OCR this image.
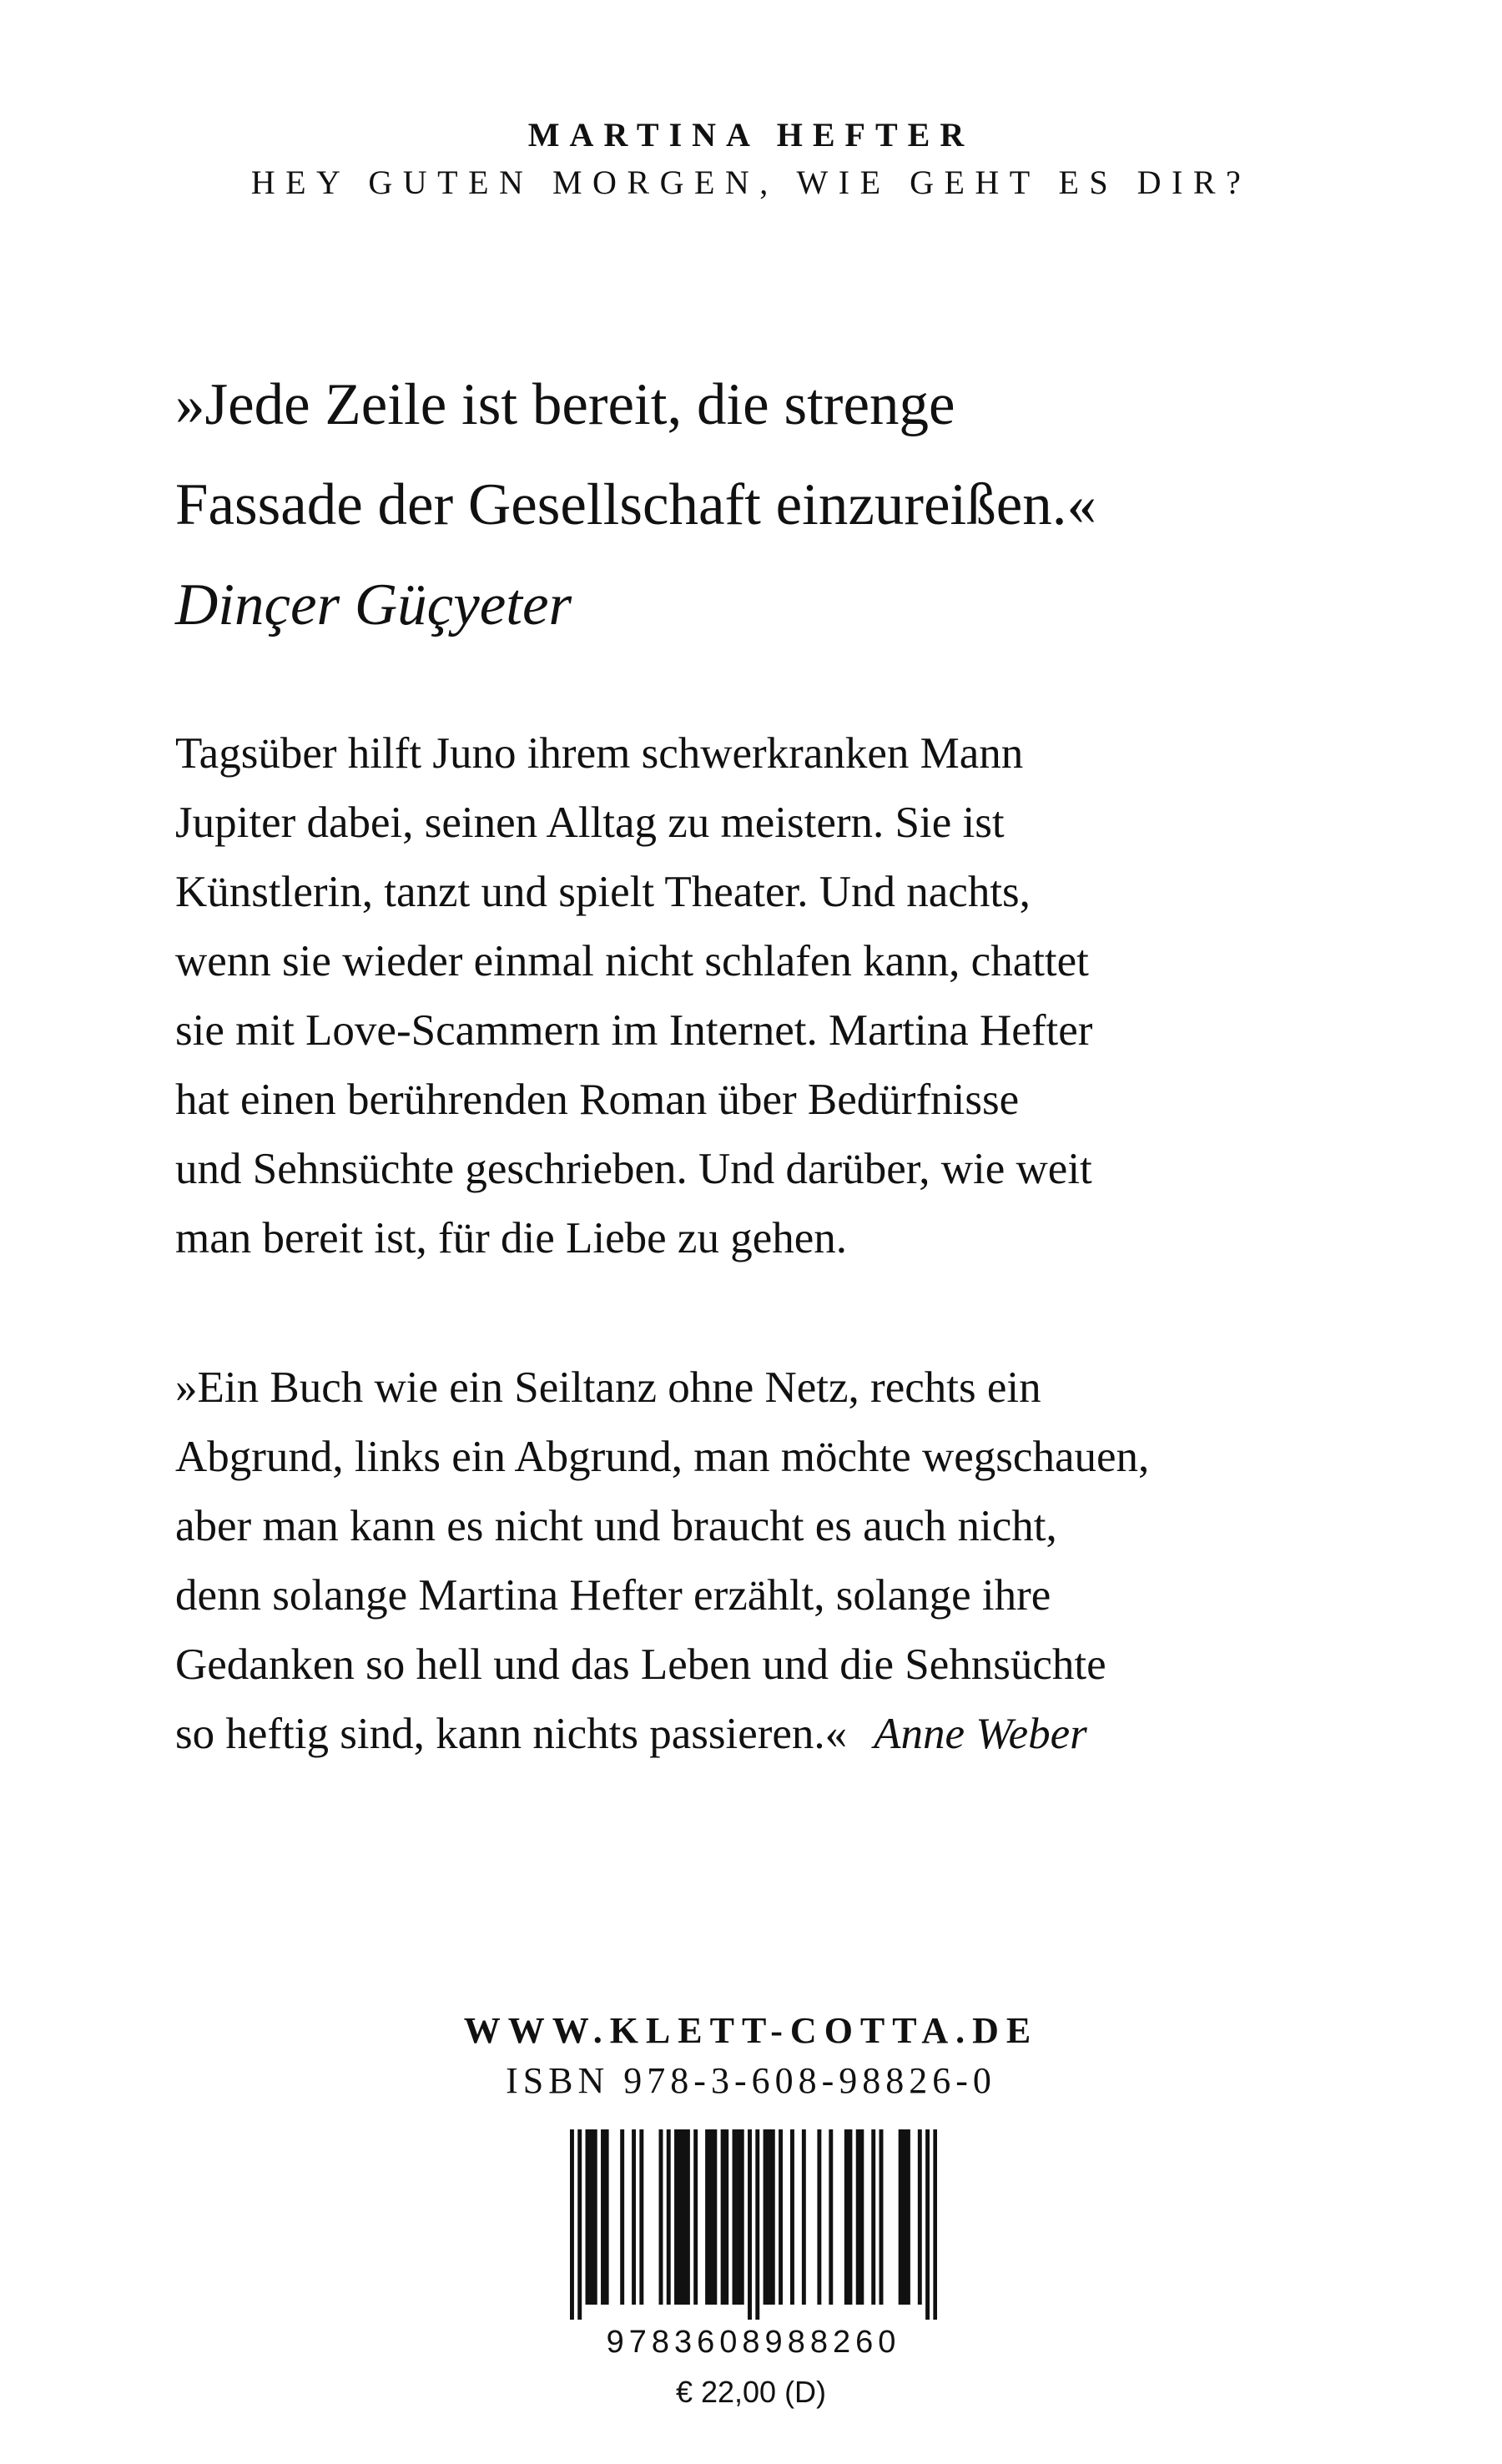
MARTINA HEFTER

HEY GUTEN MORGEN, WIE GEHT ES DIR?

»Jede Zeile ist bereit, die strenge
Fassade der Gesellschaft einzureißen.«
Dinçer Güçyeter
Tagsüber hilft Juno ihrem schwerkranken Mann
Jupiter dabei, seinen Alltag zu meistern. Sie ist
Künstlerin, tanzt und spielt Theater. Und nachts,
wenn sie wieder einmal nicht schlafen kann, chattet
sie mit Love-Scammern im Internet. Martina Hefter
hat einen berührenden Roman über Bedürfnisse
und Sehnsüchte geschrieben. Und darüber, wie weit
man bereit ist, für die Liebe zu gehen.
»Ein Buch wie ein Seiltanz ohne Netz, rechts ein
Abgrund, links ein Abgrund, man möchte wegschauen,
aber man kann es nicht und braucht es auch nicht,
denn solange Martina Hefter erzählt, solange ihre
Gedanken so hell und das Leben und die Sehnsüchte
so heftig sind, kann nichts passieren.« Anne Weber

WWW.KLETT-COTTA.DE

ISBN 978-3-608-98826-0

9783608988260

€ 22,00 (D)
